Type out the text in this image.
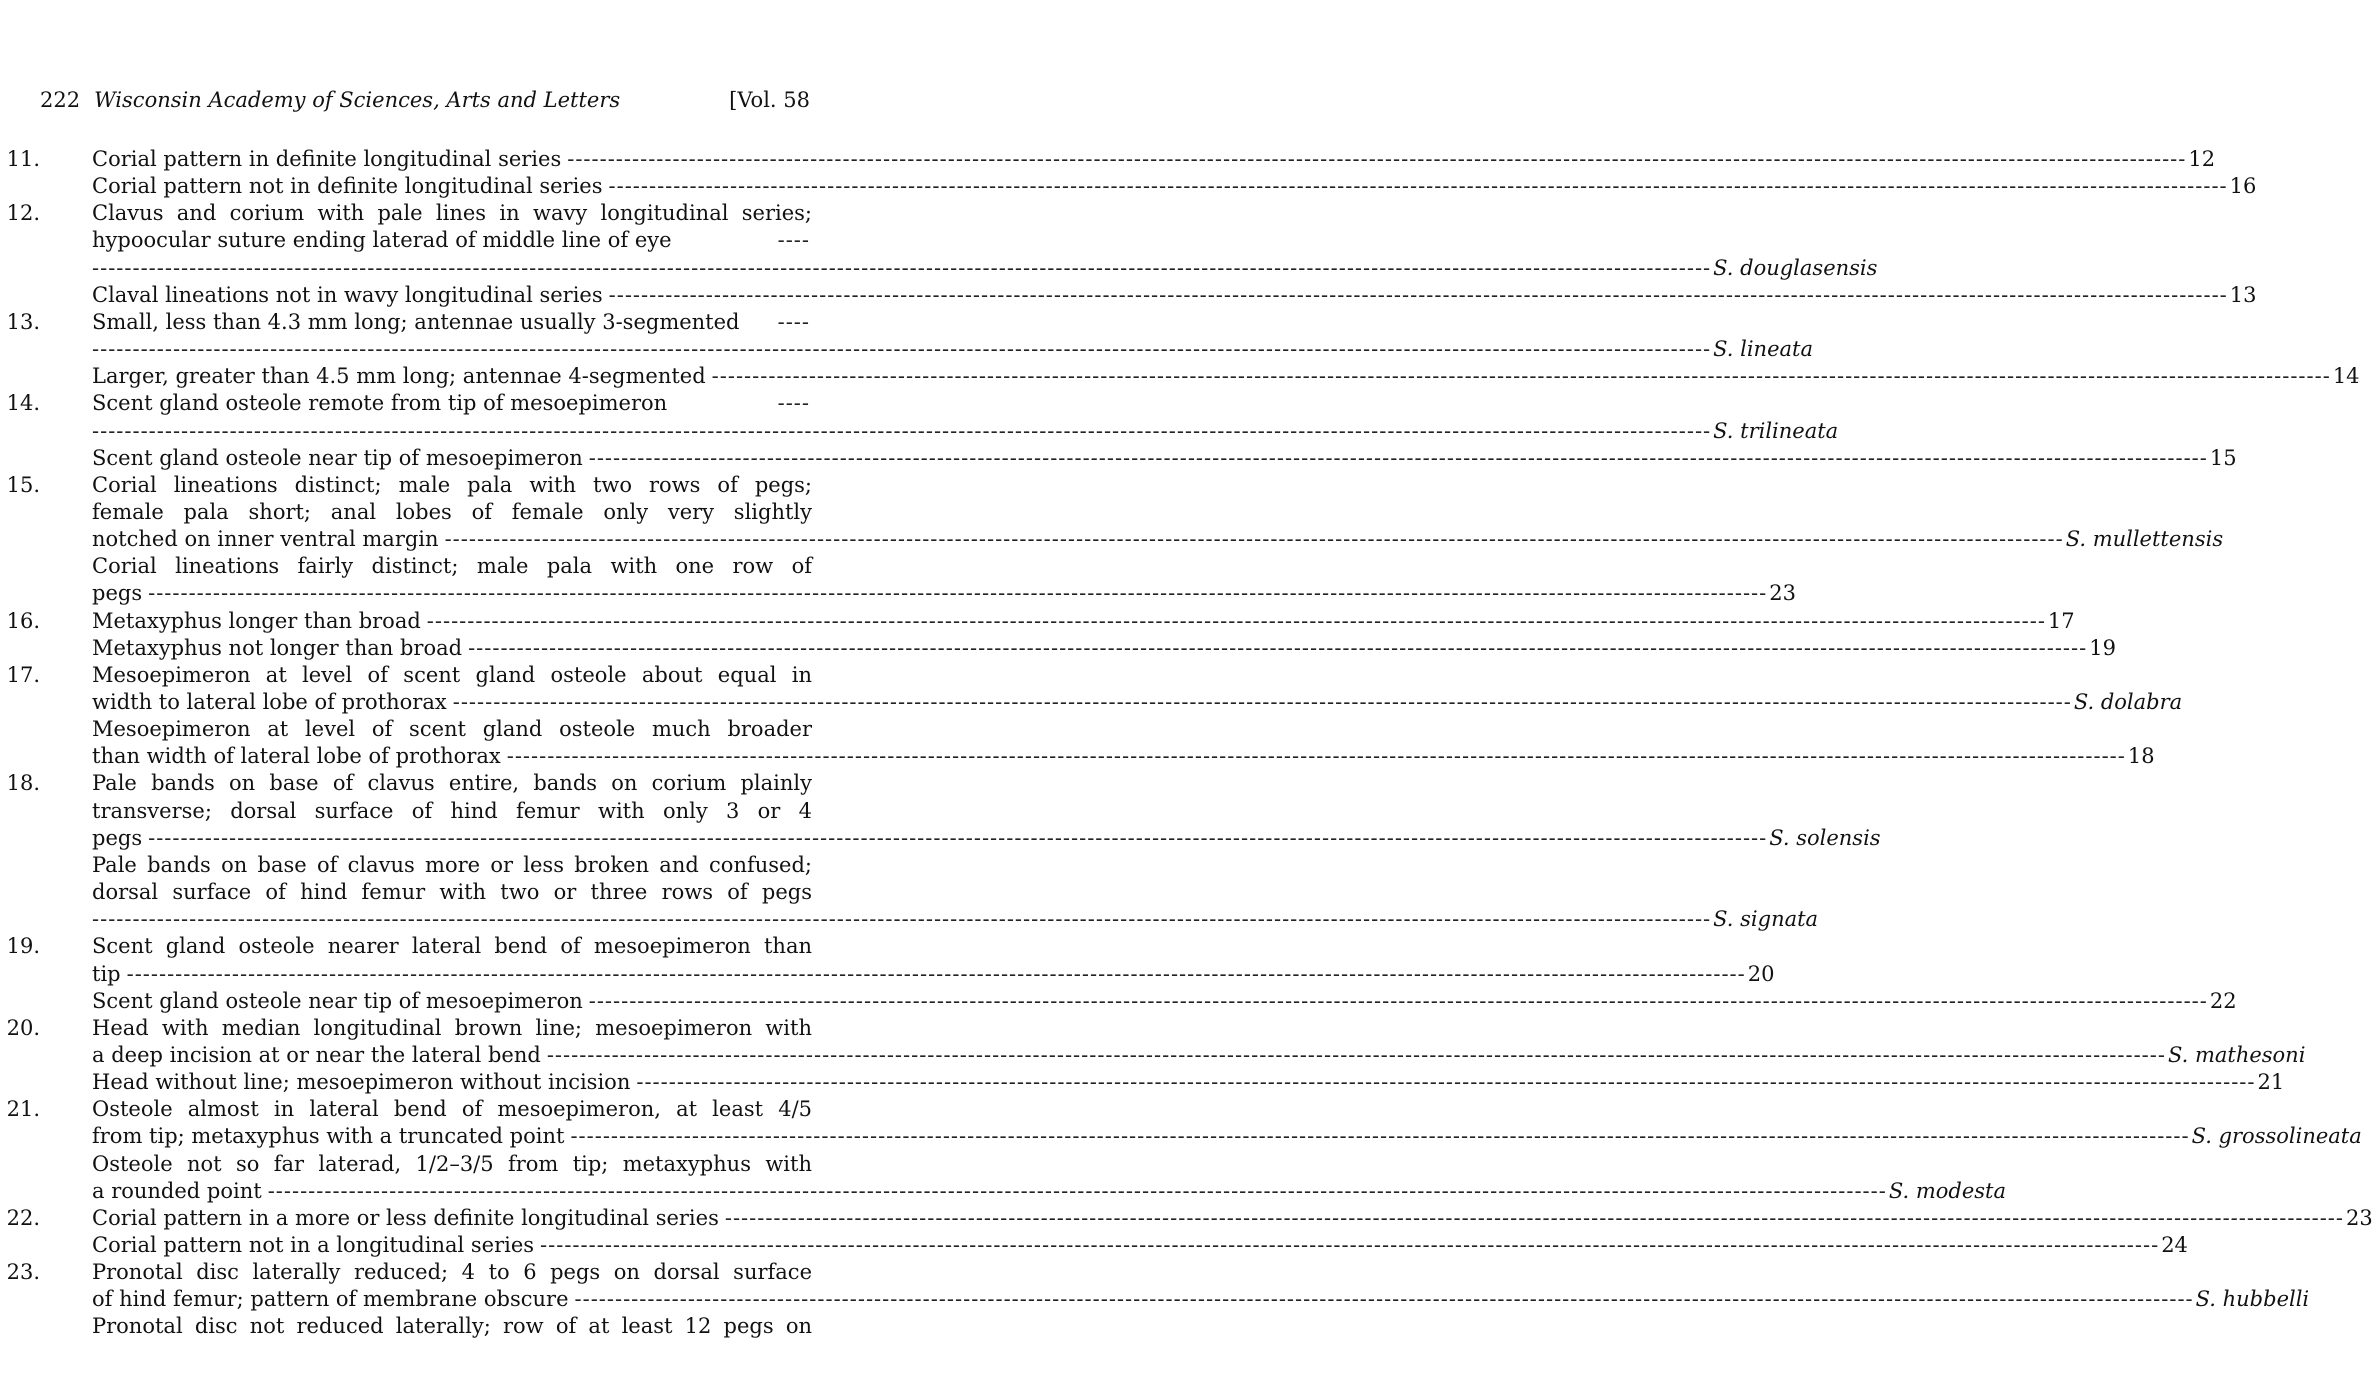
222 Wisconsin Academy of Sciences, Arts and Letters	[Vol. 58
11. Corial pattern in definite longitudinal series -------------------------------------------------------------------------------------------------------------------------------------------------------------------------------------------------------- 12
Corial pattern not in definite longitudinal series -------------------------------------------------------------------------------------------------------------------------------------------------------------------------------------------------------- 16
12. Clavus and corium with pale lines in wavy longitudinal series;
hypoocular suture ending laterad of middle line of eye	----
-------------------------------------------------------------------------------------------------------------------------------------------------------------------------------------------------------- S. douglasensis
Claval lineations not in wavy longitudinal series -------------------------------------------------------------------------------------------------------------------------------------------------------------------------------------------------------- 13
13. Small, less than 4.3 mm long; antennae usually 3-segmented ----
-------------------------------------------------------------------------------------------------------------------------------------------------------------------------------------------------------- S. lineata
Larger, greater than 4.5 mm long; antennae 4-segmented -------------------------------------------------------------------------------------------------------------------------------------------------------------------------------------------------------- 14
14. Scent gland osteole remote from tip of mesoepimeron	----
-------------------------------------------------------------------------------------------------------------------------------------------------------------------------------------------------------- S. trilineata
Scent gland osteole near tip of mesoepimeron -------------------------------------------------------------------------------------------------------------------------------------------------------------------------------------------------------- 15
15. Corial lineations distinct; male pala with two rows of pegs;
female pala short; anal lobes of female only very slightly
notched on inner ventral margin -------------------------------------------------------------------------------------------------------------------------------------------------------------------------------------------------------- S. mullettensis
Corial lineations fairly distinct; male pala with one row of
pegs -------------------------------------------------------------------------------------------------------------------------------------------------------------------------------------------------------- 23
16. Metaxyphus longer than broad -------------------------------------------------------------------------------------------------------------------------------------------------------------------------------------------------------- 17
Metaxyphus not longer than broad -------------------------------------------------------------------------------------------------------------------------------------------------------------------------------------------------------- 19
17. Mesoepimeron at level of scent gland osteole about equal in
width to lateral lobe of prothorax -------------------------------------------------------------------------------------------------------------------------------------------------------------------------------------------------------- S. dolabra
Mesoepimeron at level of scent gland osteole much broader
than width of lateral lobe of prothorax -------------------------------------------------------------------------------------------------------------------------------------------------------------------------------------------------------- 18
18. Pale bands on base of clavus entire, bands on corium plainly
transverse; dorsal surface of hind femur with only 3 or 4
pegs -------------------------------------------------------------------------------------------------------------------------------------------------------------------------------------------------------- S. solensis
Pale bands on base of clavus more or less broken and confused;
dorsal surface of hind femur with two or three rows of pegs
-------------------------------------------------------------------------------------------------------------------------------------------------------------------------------------------------------- S. signata
19. Scent gland osteole nearer lateral bend of mesoepimeron than
tip -------------------------------------------------------------------------------------------------------------------------------------------------------------------------------------------------------- 20
Scent gland osteole near tip of mesoepimeron -------------------------------------------------------------------------------------------------------------------------------------------------------------------------------------------------------- 22
20. Head with median longitudinal brown line; mesoepimeron with
a deep incision at or near the lateral bend -------------------------------------------------------------------------------------------------------------------------------------------------------------------------------------------------------- S. mathesoni
Head without line; mesoepimeron without incision -------------------------------------------------------------------------------------------------------------------------------------------------------------------------------------------------------- 21
21. Osteole almost in lateral bend of mesoepimeron, at least 4/5
from tip; metaxyphus with a truncated point -------------------------------------------------------------------------------------------------------------------------------------------------------------------------------------------------------- S. grossolineata
Osteole not so far laterad, 1/2–3/5 from tip; metaxyphus with
a rounded point -------------------------------------------------------------------------------------------------------------------------------------------------------------------------------------------------------- S. modesta
22. Corial pattern in a more or less definite longitudinal series -------------------------------------------------------------------------------------------------------------------------------------------------------------------------------------------------------- 23
Corial pattern not in a longitudinal series -------------------------------------------------------------------------------------------------------------------------------------------------------------------------------------------------------- 24
23. Pronotal disc laterally reduced; 4 to 6 pegs on dorsal surface
of hind femur; pattern of membrane obscure -------------------------------------------------------------------------------------------------------------------------------------------------------------------------------------------------------- S. hubbelli
Pronotal disc not reduced laterally; row of at least 12 pegs on
